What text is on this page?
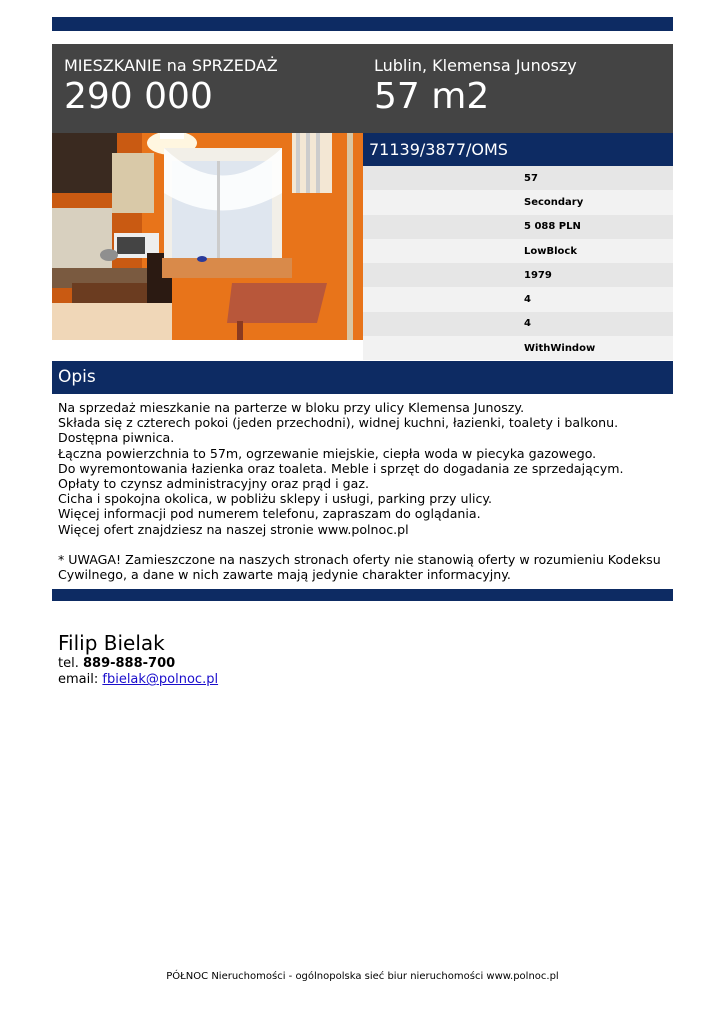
MIESZKANIE na SPRZEDAŻ
290 000
Lublin, Klemensa Junoszy
57 m2
71139/3877/OMS
57
Secondary
5 088 PLN
LowBlock
1979
4
4
WithWindow
Opis

Na sprzedaż mieszkanie na parterze w bloku przy ulicy Klemensa Junoszy.

Składa się z czterech pokoi (jeden przechodni), widnej kuchni, łazienki, toalety i balkonu. Dostępna piwnica.

Łączna powierzchnia to 57m, ogrzewanie miejskie, ciepła woda w piecyka gazowego.

Do wyremontowania łazienka oraz toaleta. Meble i sprzęt do dogadania ze sprzedającym.

Opłaty to czynsz administracyjny oraz prąd i gaz.

Cicha i spokojna okolica, w pobliżu sklepy i usługi, parking przy ulicy.

Więcej informacji pod numerem telefonu, zapraszam do oglądania.

Więcej ofert znajdziesz na naszej stronie www.polnoc.pl

* UWAGA! Zamieszczone na naszych stronach oferty nie stanowią oferty w rozumieniu Kodeksu Cywilnego, a dane w nich zawarte mają jedynie charakter informacyjny.

Filip Bielak
tel. 889-888-700
email: fbielak@polnoc.pl
PÓŁNOC Nieruchomości - ogólnopolska sieć biur nieruchomości www.polnoc.pl
